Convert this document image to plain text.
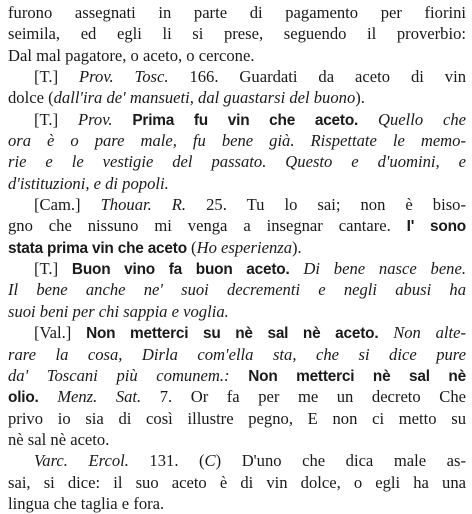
furono assegnati in parte di pagamento per fiorini
seimila, ed egli li si prese, seguendo il proverbio:
Dal mal pagatore, o aceto, o cercone.
[T.] Prov. Tosc. 166. Guardati da aceto di vin
dolce (dall'ira de' mansueti, dal guastarsi del buono).
[T.] Prov. Prima fu vin che aceto. Quello che
ora è o pare male, fu bene già. Rispettate le memo-
rie e le vestigie del passato. Questo e d'uomini, e
d'istituzioni, e di popoli.
[Cam.] Thouar. R. 25. Tu lo sai; non è biso-
gno che nissuno mi venga a insegnar cantare. I' sono
stata prima vin che aceto (Ho esperienza).
[T.] Buon vino fa buon aceto. Di bene nasce bene.
Il bene anche ne' suoi decrementi e negli abusi ha
suoi beni per chi sappia e voglia.
[Val.] Non metterci su nè sal nè aceto. Non alte-
rare la cosa, Dirla com'ella sta, che si dice pure
da' Toscani più comunem.: Non metterci nè sal nè
olio. Menz. Sat. 7. Or fa per me un decreto Che
privo io sia di così illustre pegno, E non ci metto su
nè sal nè aceto.
Varc. Ercol. 131. (C) D'uno che dica male as-
sai, si dice: il suo aceto è di vin dolce, o egli ha una
lingua che taglia e fora.
